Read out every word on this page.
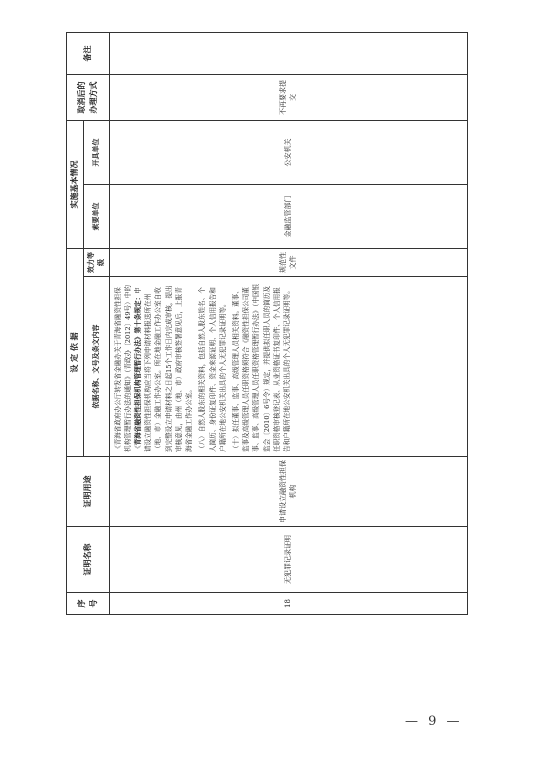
序号	证明名称	证明用途	设 定 依 据		实施基本情况		取消后的办理方式	备注
			依据名称、文号及条文内容	效力等级	索要单位	开具单位		
18	无犯罪记录证明	申请设立融资性担保机构	《青海省政府办公厅转发省金融办关于青海省融资性担保机构管理暂行办法的通知》（青政办〔2012〕49号）中的《青海省融资性担保机构管理暂行办法》第十条规定：申请设立融资性担保机构应当将下列申请材料报送所在州（地、市）金融工作办公室。所在地金融工作办公室自收到完整设立申请材料之日起15个工作日内完成审核，提出审核意见，由州（地、市）政府审核签署意见后，上报青海省金融工作办公室。 （八）自然人股东的相关资料，包括自然人股东姓名、个人简历、身份证复印件、资金来源证明、个人信用报告和户籍所在地公安机关出具的个人无犯罪记录证明等。 （十）拟任董事、监事、高级管理人员相关资料。董事、监事及高级管理人员任职资格须符合《融资性担保公司董事、监事、高级管理人员任职资格管理暂行办法》（中国银监会〔2010〕6号令）规定，并提供拟任职人员的简历及任职资格审核登记表、从业资格证书复印件、个人信用报告和户籍所在地公安机关出具的个人无犯罪记录证明等。	规范性文件	金融监管部门	公安机关	不再要求提交	
— 9 —
